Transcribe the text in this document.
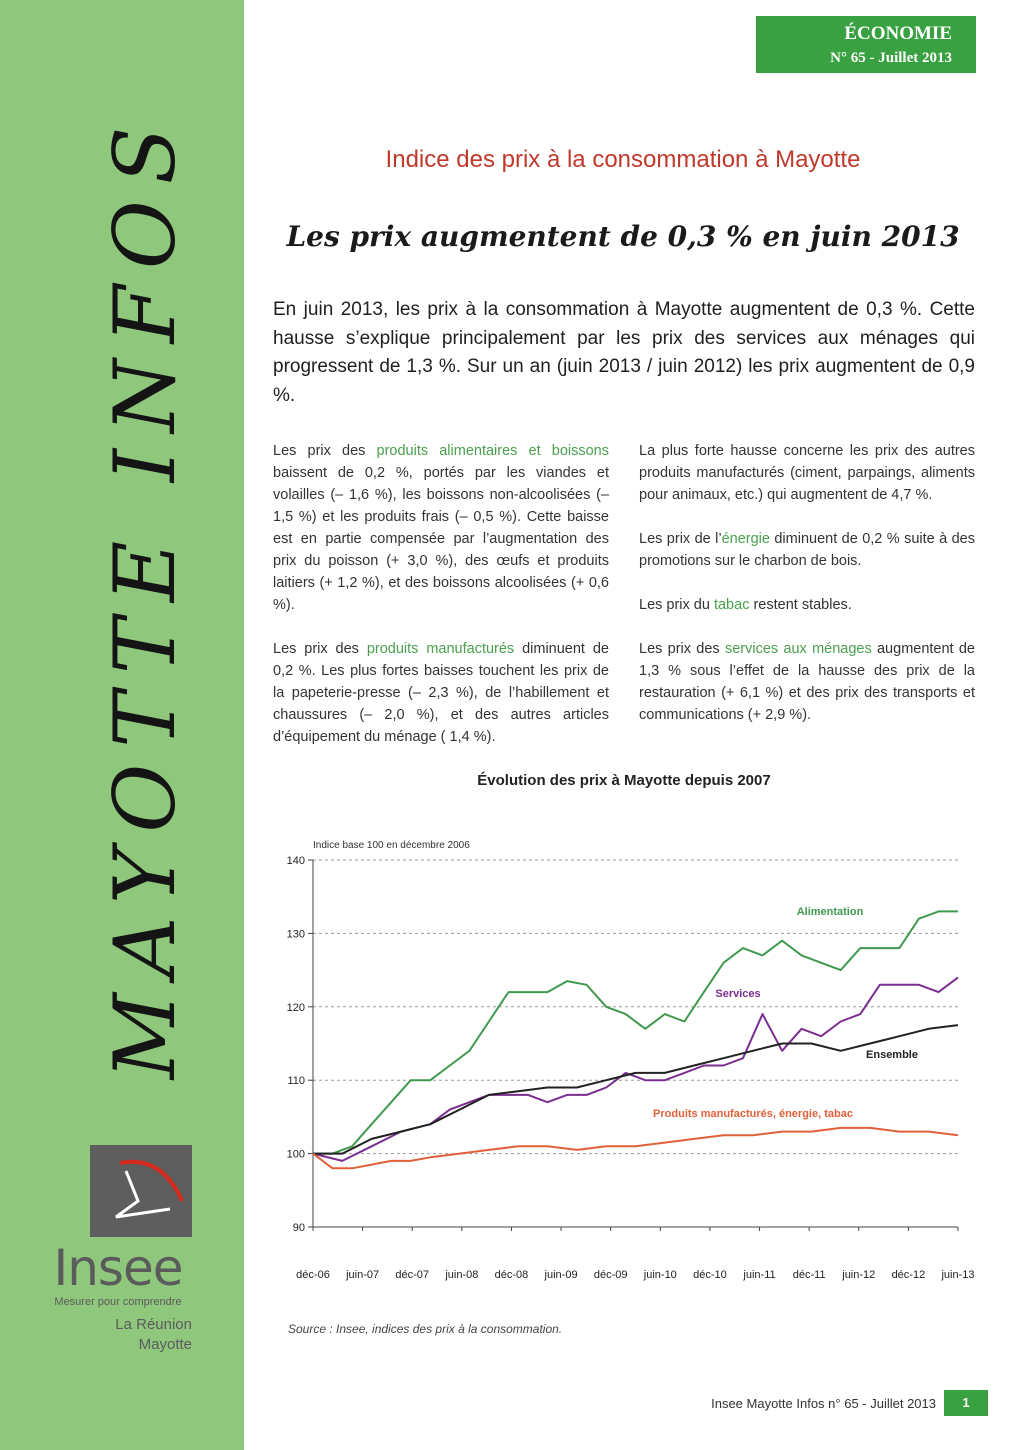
MAYOTTE INFOS
Insee
Mesurer pour comprendre
La Réunion
Mayotte
ÉCONOMIE
N° 65 - Juillet 2013
Indice des prix à la consommation à Mayotte
Les prix augmentent de 0,3 % en juin 2013

En juin 2013, les prix à la consommation à Mayotte augmentent de 0,3 %. Cette hausse s’explique principalement par les prix des services aux ménages qui progressent de 1,3 %. Sur un an (juin 2013 / juin 2012) les prix augmentent de 0,9 %.

Les prix des produits alimentaires et boissons baissent de 0,2 %, portés par les viandes et volailles (– 1,6 %), les boissons non-alcoolisées (– 1,5 %) et les produits frais (– 0,5 %). Cette baisse est en partie compensée par l’augmentation des prix du poisson (+ 3,0 %), des œufs et produits laitiers (+ 1,2 %), et des boissons alcoolisées (+ 0,6 %).

Les prix des produits manufacturés diminuent de 0,2 %. Les plus fortes baisses touchent les prix de la papeterie-presse (– 2,3 %), de l’habillement et chaussures (– 2,0 %), et des autres articles d’équipement du ménage ( 1,4 %).

La plus forte hausse concerne les prix des autres produits manufacturés (ciment, parpaings, aliments pour animaux, etc.) qui augmentent de 4,7 %.

Les prix de l’énergie diminuent de 0,2 % suite à des promotions sur le charbon de bois.

Les prix du tabac restent stables.

Les prix des services aux ménages augmentent de 1,3 % sous l’effet de la hausse des prix de la restauration (+ 6,1 %) et des prix des transports et communications (+ 2,9 %).

Évolution des prix à Mayotte depuis 2007
Indice base 100 en décembre 2006
90
100
110
120
130
140
déc-06 juin-07 déc-07 juin-08 déc-08 juin-09 déc-09 juin-10 déc-10 juin-11 déc-11 juin-12 déc-12 juin-13
Alimentation
Services
Ensemble
Produits manufacturés, énergie, tabac
Source : Insee, indices des prix à la consommation.
Insee Mayotte Infos n° 65 - Juillet 2013	1
